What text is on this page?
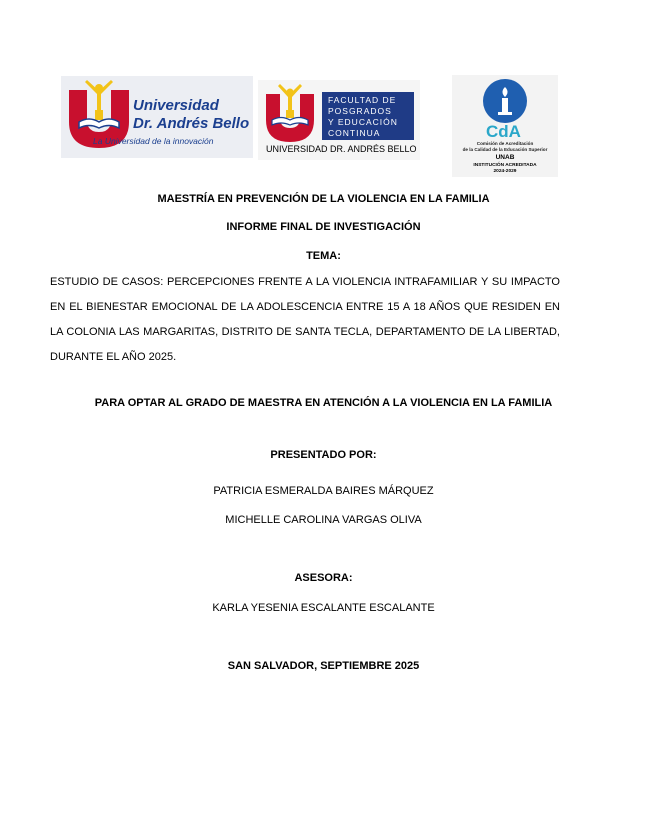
Universidad
Dr. Andrés Bello
La Universidad de la innovación
FACULTAD DE
POSGRADOS
Y EDUCACIÓN
CONTINUA
UNIVERSIDAD DR. ANDRÉS BELLO
CdA
Comisión de Acreditación
de la Calidad de la Educación Superior
UNAB
INSTITUCIÓN ACREDITADA
2024-2029
MAESTRÍA EN PREVENCIÓN DE LA VIOLENCIA EN LA FAMILIA
INFORME FINAL DE INVESTIGACIÓN
TEMA:
ESTUDIO DE CASOS: PERCEPCIONES FRENTE A LA VIOLENCIA INTRAFAMILIAR Y SU IMPACTO EN EL BIENESTAR EMOCIONAL DE LA ADOLESCENCIA ENTRE 15 A 18 AÑOS QUE RESIDEN EN LA COLONIA LAS MARGARITAS, DISTRITO DE SANTA TECLA, DEPARTAMENTO DE LA LIBERTAD, DURANTE EL AÑO 2025.
PARA OPTAR AL GRADO DE MAESTRA EN ATENCIÓN A LA VIOLENCIA EN LA FAMILIA
PRESENTADO POR:
PATRICIA ESMERALDA BAIRES MÁRQUEZ
MICHELLE CAROLINA VARGAS OLIVA
ASESORA:
KARLA YESENIA ESCALANTE ESCALANTE
SAN SALVADOR, SEPTIEMBRE 2025
